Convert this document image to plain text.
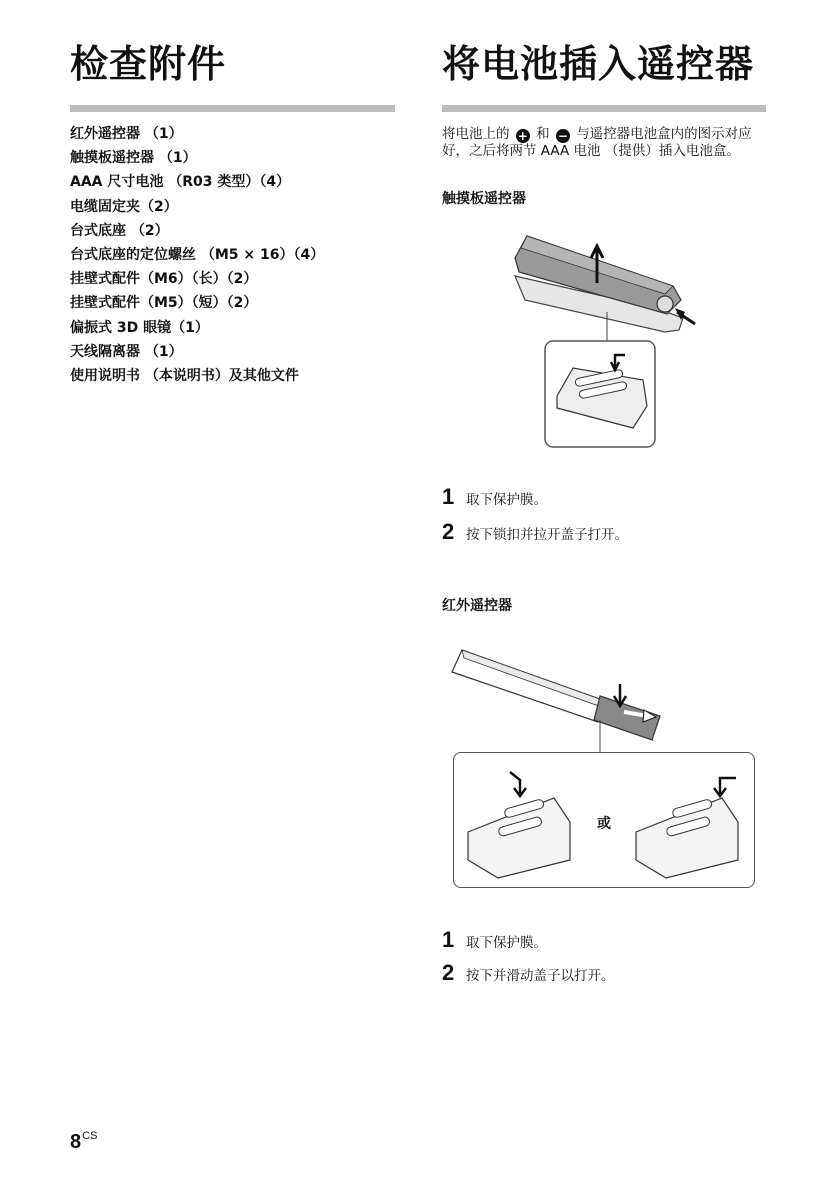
检查附件
红外遥控器 （1）
触摸板遥控器 （1）
AAA 尺寸电池 （R03 类型）（4）
电缆固定夹（2）
台式底座 （2）
台式底座的定位螺丝 （M5 × 16）（4）
挂壁式配件（M6）（长）（2）
挂壁式配件（M5）（短）（2）
偏振式 3D 眼镜（1）
天线隔离器 （1）
使用说明书 （本说明书）及其他文件
将电池插入遥控器

将电池上的 + 和 − 与遥控器电池盒内的图示对应好，之后将两节 AAA 电池 （提供）插入电池盒。

触摸板遥控器

1 取下保护膜。
2 按下锁扣并拉开盖子打开。

红外遥控器

或
1 取下保护膜。
2 按下并滑动盖子以打开。
$8^{CS}$
